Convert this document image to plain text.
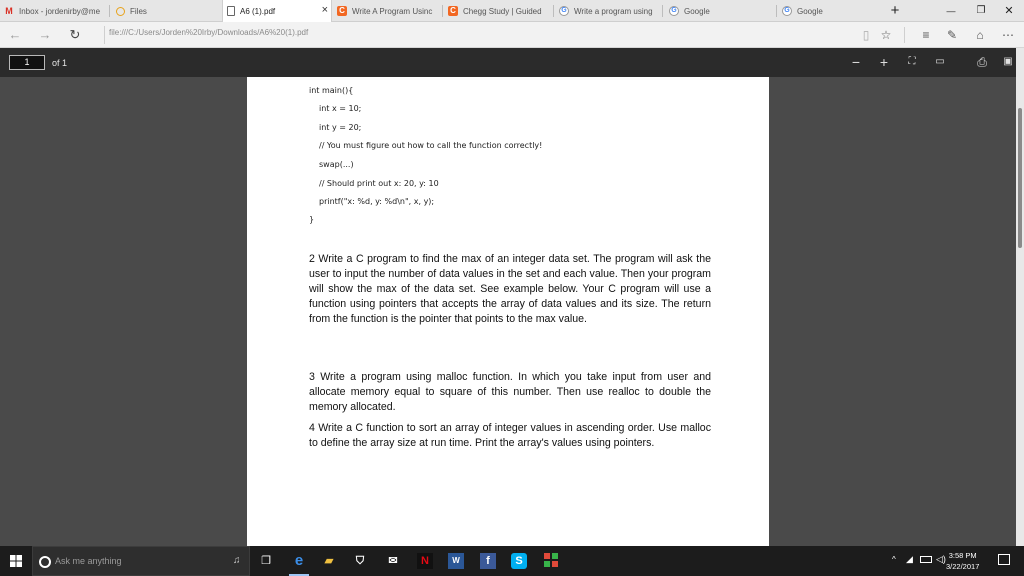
M Inbox - jordenirby@me	Files	A6 (1).pdf	× C Write A Program Usinc C Chegg Study | Guided	G Write a program using	G Google	G Google	+	—	❐	✕
← → ↻	file:///C:/Users/Jorden%20Irby/Downloads/A6%20(1).pdf	▯ ☆	≡	✎	⌂	⋯
int main(){
int x = 10;
int y = 20;
// You must figure out how to call the function correctly!
swap(...)
// Should print out x: 20, y: 10
printf("x: %d, y: %d\n", x, y);
}
2 Write a C program to find the max of an integer data set. The program will ask the user to input the number of data values in the set and each value. Then your program will show the max of the data set. See example below. Your C program will use a function using pointers that accepts the array of data values and its size. The return from the function is the pointer that points to the max value.
3 Write a program using malloc function. In which you take input from user and allocate memory equal to square of this number. Then use realloc to double the memory allocated.
4 Write a C function to sort an array of integer values in ascending order. Use malloc to define the array size at run time. Print the array's values using pointers.
1	of 1	− +	⛶	▭	⎙	▣
Ask me anything	♫ ❐ e	▰	⛉	✉	N	W	f	S	^ ◢	◁) 3:58 PM
3/22/2017
